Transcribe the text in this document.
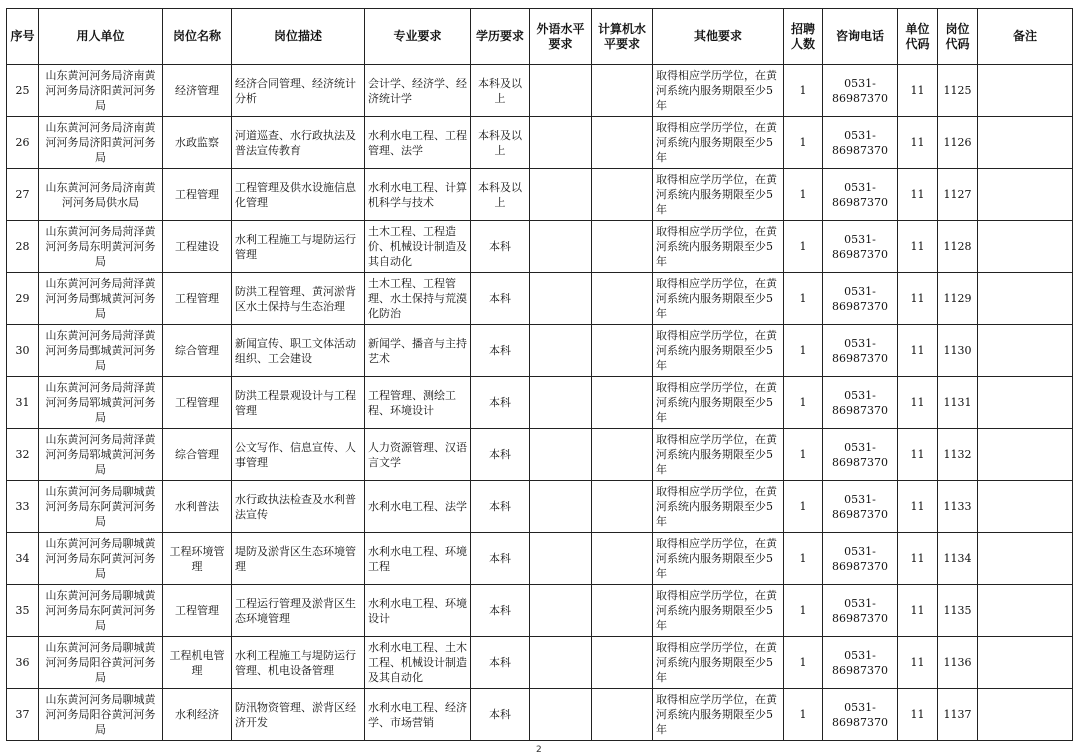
序号	用人单位	岗位名称	岗位描述	专业要求	学历要求	外语水平要求	计算机水平要求	其他要求	招聘人数	咨询电话	单位代码	岗位代码	备注
25	山东黄河河务局济南黄河河务局济阳黄河河务局	经济管理	经济合同管理、经济统计分析	会计学、经济学、经济统计学	本科及以上			取得相应学历学位，在黄河系统内服务期限至少5年	1	0531-86987370	11	1125	
26	山东黄河河务局济南黄河河务局济阳黄河河务局	水政监察	河道巡查、水行政执法及普法宣传教育	水利水电工程、工程管理、法学	本科及以上			取得相应学历学位，在黄河系统内服务期限至少5年	1	0531-86987370	11	1126	
27	山东黄河河务局济南黄河河务局供水局	工程管理	工程管理及供水设施信息化管理	水利水电工程、计算机科学与技术	本科及以上			取得相应学历学位，在黄河系统内服务期限至少5年	1	0531-86987370	11	1127	
28	山东黄河河务局菏泽黄河河务局东明黄河河务局	工程建设	水利工程施工与堤防运行管理	土木工程、工程造价、机械设计制造及其自动化	本科			取得相应学历学位，在黄河系统内服务期限至少5年	1	0531-86987370	11	1128	
29	山东黄河河务局菏泽黄河河务局鄄城黄河河务局	工程管理	防洪工程管理、黄河淤背区水土保持与生态治理	土木工程、工程管理、水土保持与荒漠化防治	本科			取得相应学历学位，在黄河系统内服务期限至少5年	1	0531-86987370	11	1129	
30	山东黄河河务局菏泽黄河河务局鄄城黄河河务局	综合管理	新闻宣传、职工文体活动组织、工会建设	新闻学、播音与主持艺术	本科			取得相应学历学位，在黄河系统内服务期限至少5年	1	0531-86987370	11	1130	
31	山东黄河河务局菏泽黄河河务局郓城黄河河务局	工程管理	防洪工程景观设计与工程管理	工程管理、测绘工程、环境设计	本科			取得相应学历学位，在黄河系统内服务期限至少5年	1	0531-86987370	11	1131	
32	山东黄河河务局菏泽黄河河务局郓城黄河河务局	综合管理	公文写作、信息宣传、人事管理	人力资源管理、汉语言文学	本科			取得相应学历学位，在黄河系统内服务期限至少5年	1	0531-86987370	11	1132	
33	山东黄河河务局聊城黄河河务局东阿黄河河务局	水利普法	水行政执法检查及水利普法宣传	水利水电工程、法学	本科			取得相应学历学位，在黄河系统内服务期限至少5年	1	0531-86987370	11	1133	
34	山东黄河河务局聊城黄河河务局东阿黄河河务局	工程环境管理	堤防及淤背区生态环境管理	水利水电工程、环境工程	本科			取得相应学历学位，在黄河系统内服务期限至少5年	1	0531-86987370	11	1134	
35	山东黄河河务局聊城黄河河务局东阿黄河河务局	工程管理	工程运行管理及淤背区生态环境管理	水利水电工程、环境设计	本科			取得相应学历学位，在黄河系统内服务期限至少5年	1	0531-86987370	11	1135	
36	山东黄河河务局聊城黄河河务局阳谷黄河河务局	工程机电管理	水利工程施工与堤防运行管理、机电设备管理	水利水电工程、土木工程、机械设计制造及其自动化	本科			取得相应学历学位，在黄河系统内服务期限至少5年	1	0531-86987370	11	1136	
37	山东黄河河务局聊城黄河河务局阳谷黄河河务局	水利经济	防汛物资管理、淤背区经济开发	水利水电工程、经济学、市场营销	本科			取得相应学历学位，在黄河系统内服务期限至少5年	1	0531-86987370	11	1137	
2
